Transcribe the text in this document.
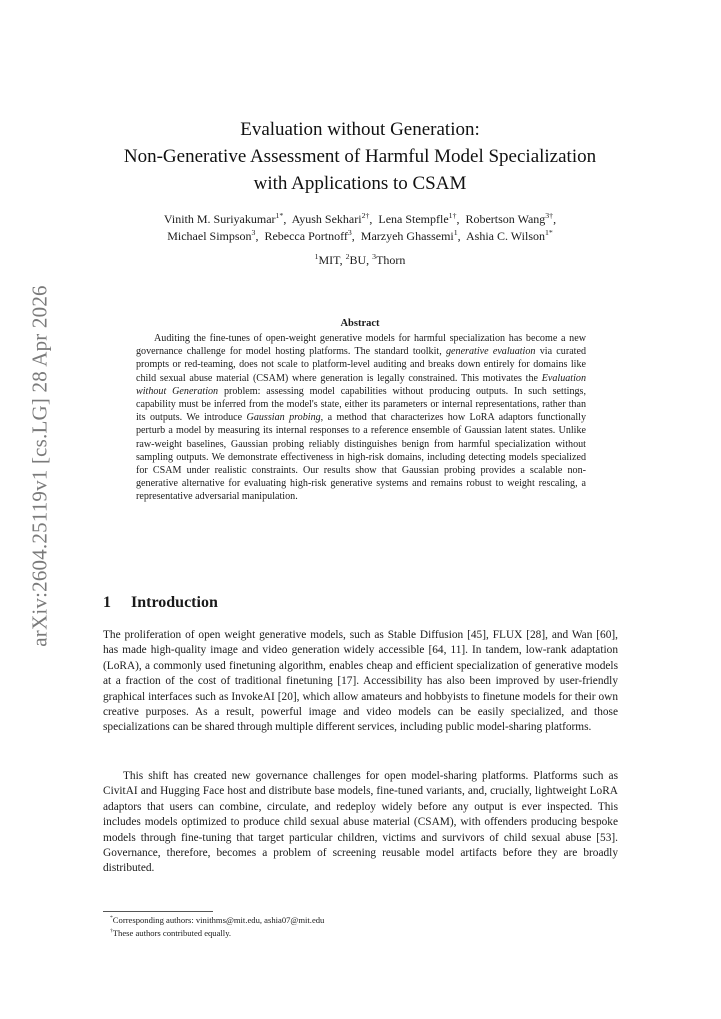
arXiv:2604.25119v1 [cs.LG] 28 Apr 2026
Evaluation without Generation:
Non-Generative Assessment of Harmful Model Specialization
with Applications to CSAM
Vinith M. Suriyakumar$^{1*}$,  Ayush Sekhari$^{2\dagger}$,  Lena Stempfle$^{1\dagger}$,  Robertson Wang$^{3\dagger}$,
Michael Simpson$^3$,  Rebecca Portnoff$^3$,  Marzyeh Ghassemi$^1$,  Ashia C. Wilson$^{1*}$
$^1$MIT, $^2$BU, $^3$Thorn
Abstract
Auditing the fine-tunes of open-weight generative models for harmful specialization has become a new governance challenge for model hosting platforms. The standard toolkit, generative evaluation via curated prompts or red-teaming, does not scale to platform-level auditing and breaks down entirely for domains like child sexual abuse material (CSAM) where generation is legally constrained. This motivates the Evaluation without Generation problem: assessing model capabilities without producing outputs. In such settings, capability must be inferred from the model's state, either its parameters or internal representations, rather than its outputs. We introduce Gaussian probing, a method that characterizes how LoRA adaptors functionally perturb a model by measuring its internal responses to a reference ensemble of Gaussian latent states. Unlike raw-weight baselines, Gaussian probing reliably distinguishes benign from harmful specialization without sampling outputs. We demonstrate effectiveness in high-risk domains, including detecting models specialized for CSAM under realistic constraints. Our results show that Gaussian probing provides a scalable non-generative alternative for evaluating high-risk generative systems and remains robust to weight rescaling, a representative adversarial manipulation.
1 Introduction
The proliferation of open weight generative models, such as Stable Diffusion [45], FLUX [28], and Wan [60], has made high-quality image and video generation widely accessible [64, 11]. In tandem, low-rank adaptation (LoRA), a commonly used finetuning algorithm, enables cheap and efficient specialization of generative models at a fraction of the cost of traditional finetuning [17]. Accessibility has also been improved by user-friendly graphical interfaces such as InvokeAI [20], which allow amateurs and hobbyists to finetune models for their own creative purposes. As a result, powerful image and video models can be easily specialized, and those specializations can be shared through multiple different services, including public model-sharing platforms.
This shift has created new governance challenges for open model-sharing platforms. Platforms such as CivitAI and Hugging Face host and distribute base models, fine-tuned variants, and, crucially, lightweight LoRA adaptors that users can combine, circulate, and redeploy widely before any output is ever inspected. This includes models optimized to produce child sexual abuse material (CSAM), with offenders producing bespoke models through fine-tuning that target particular children, victims and survivors of child sexual abuse [53]. Governance, therefore, becomes a problem of screening reusable model artifacts before they are broadly distributed.
*Corresponding authors: vinithms@mit.edu, ashia07@mit.edu
†These authors contributed equally.
